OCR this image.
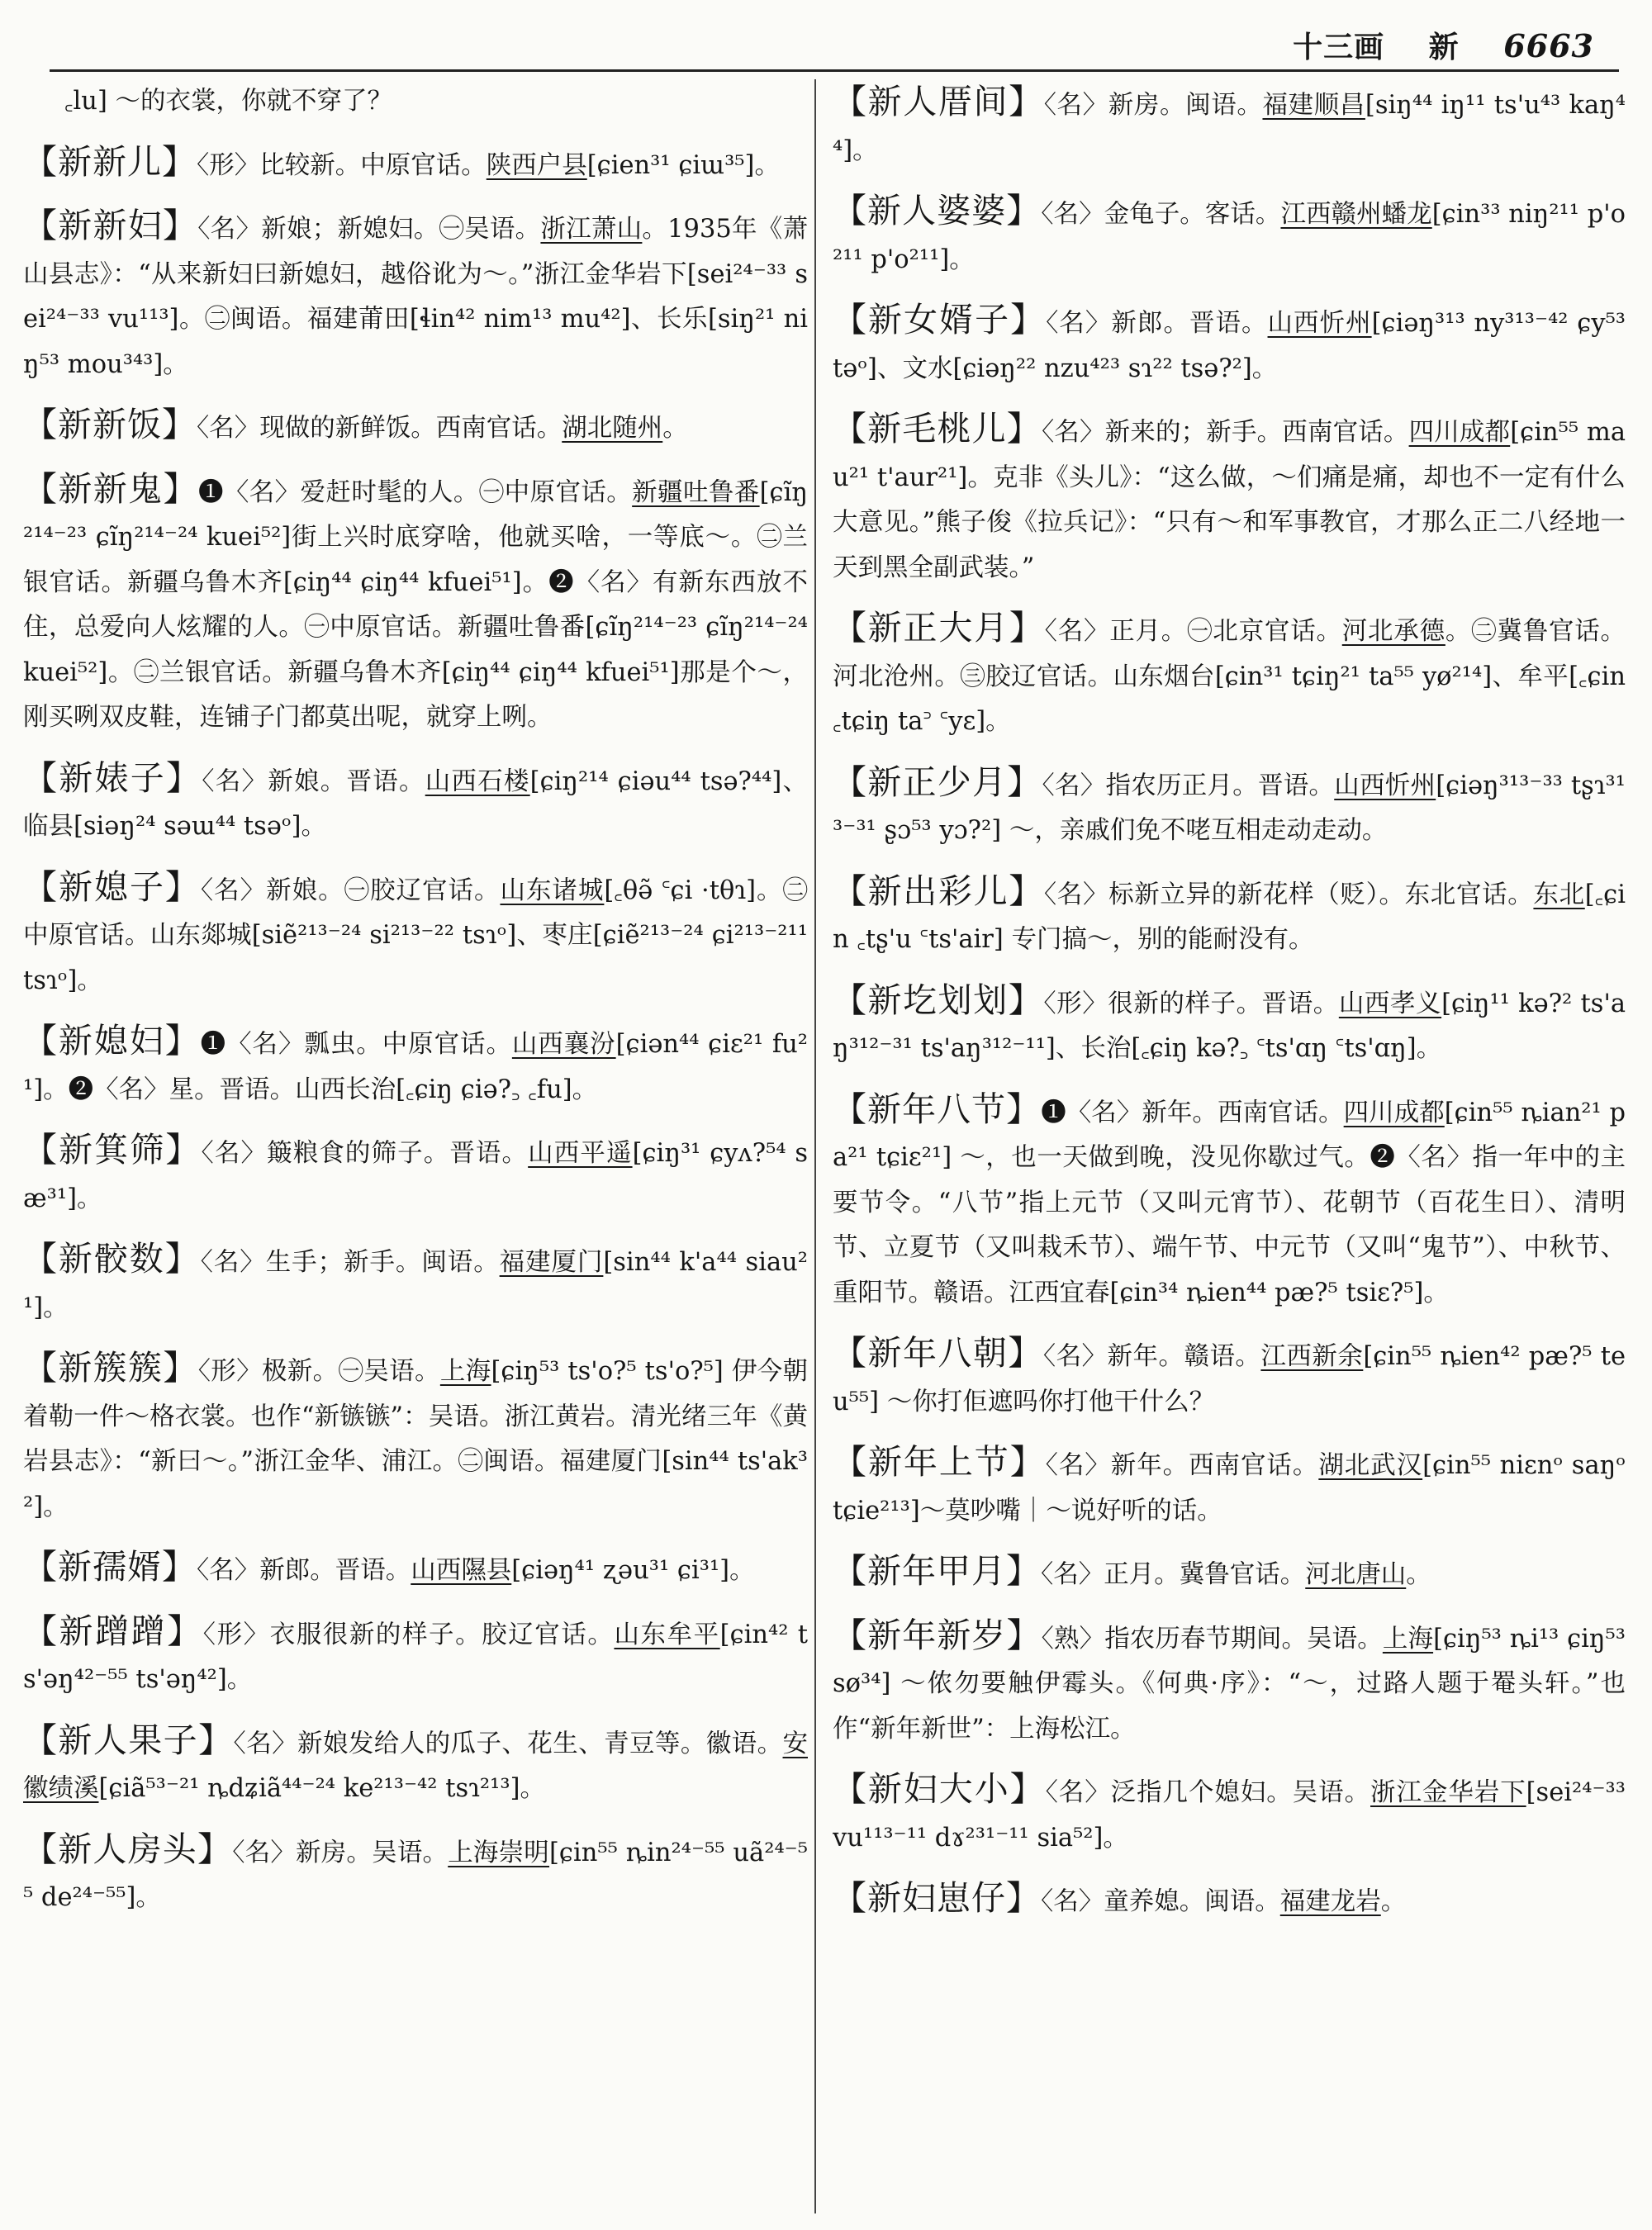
十三画 新 6663

꜀lu] ～的衣裳，你就不穿了？

【新新儿】〈形〉比较新。中原官话。陕西户县[ɕien³¹ ɕiɯ³⁵]。

【新新妇】〈名〉新娘；新媳妇。㊀吴语。浙江萧山。1935年《萧山县志》：“从来新妇曰新媳妇，越俗讹为～。”浙江金华岩下[sei²⁴⁻³³ sei²⁴⁻³³ vu¹¹³]。㊁闽语。福建莆田[ɬin⁴² nim¹³ mu⁴²]、长乐[siŋ²¹ niŋ⁵³ mou³⁴³]。

【新新饭】〈名〉现做的新鲜饭。西南官话。湖北随州。

【新新鬼】❶〈名〉爱赶时髦的人。㊀中原官话。新疆吐鲁番[ɕĩŋ²¹⁴⁻²³ ɕĩŋ²¹⁴⁻²⁴ kuei⁵²]街上兴时底穿啥，他就买啥，一等底～。㊁兰银官话。新疆乌鲁木齐[ɕiŋ⁴⁴ ɕiŋ⁴⁴ kfuei⁵¹]。❷〈名〉有新东西放不住，总爱向人炫耀的人。㊀中原官话。新疆吐鲁番[ɕĩŋ²¹⁴⁻²³ ɕĩŋ²¹⁴⁻²⁴ kuei⁵²]。㊁兰银官话。新疆乌鲁木齐[ɕiŋ⁴⁴ ɕiŋ⁴⁴ kfuei⁵¹]那是个～，刚买咧双皮鞋，连铺子门都莫出呢，就穿上咧。

【新婊子】〈名〉新娘。晋语。山西石楼[ɕiŋ²¹⁴ ɕiəu⁴⁴ tsə?⁴⁴]、临县[siəŋ²⁴ səɯ⁴⁴ tsəᵒ]。

【新媳子】〈名〉新娘。㊀胶辽官话。山东诸城[꜀θə̃ ꜂ɕi ·tθɿ]。㊁中原官话。山东郯城[siẽ²¹³⁻²⁴ si²¹³⁻²² tsɿᵒ]、枣庄[ɕiẽ²¹³⁻²⁴ ɕi²¹³⁻²¹¹ tsɿᵒ]。

【新媳妇】❶〈名〉瓢虫。中原官话。山西襄汾[ɕiən⁴⁴ ɕiɛ²¹ fu²¹]。❷〈名〉星。晋语。山西长治[꜀ɕiŋ ɕiə?꜆ ꜀fu]。

【新箕筛】〈名〉簸粮食的筛子。晋语。山西平遥[ɕiŋ³¹ ɕyʌ?⁵⁴ sæ³¹]。

【新骹数】〈名〉生手；新手。闽语。福建厦门[sin⁴⁴ k'a⁴⁴ siau²¹]。

【新簇簇】〈形〉极新。㊀吴语。上海[ɕiŋ⁵³ ts'o?⁵ ts'o?⁵] 伊今朝着勒一件～格衣裳。也作“新镞镞”：吴语。浙江黄岩。清光绪三年《黄岩县志》：“新曰～。”浙江金华、浦江。㊁闽语。福建厦门[sin⁴⁴ ts'ak³²]。

【新孺婿】〈名〉新郎。晋语。山西隰县[ɕiəŋ⁴¹ ʐəu³¹ ɕi³¹]。

【新蹭蹭】〈形〉衣服很新的样子。胶辽官话。山东牟平[ɕin⁴² ts'əŋ⁴²⁻⁵⁵ ts'əŋ⁴²]。

【新人果子】〈名〉新娘发给人的瓜子、花生、青豆等。徽语。安徽绩溪[ɕiã⁵³⁻²¹ ȵdʑiã⁴⁴⁻²⁴ ke²¹³⁻⁴² tsɿ²¹³]。

【新人房头】〈名〉新房。吴语。上海崇明[ɕin⁵⁵ ȵin²⁴⁻⁵⁵ uã²⁴⁻⁵⁵ de²⁴⁻⁵⁵]。

【新人厝间】〈名〉新房。闽语。福建顺昌[siŋ⁴⁴ iŋ¹¹ ts'u⁴³ kaŋ⁴⁴]。

【新人婆婆】〈名〉金龟子。客话。江西赣州蟠龙[ɕin³³ niŋ²¹¹ p'o²¹¹ p'o²¹¹]。

【新女婿子】〈名〉新郎。晋语。山西忻州[ɕiəŋ³¹³ ny³¹³⁻⁴² ɕy⁵³ təᵒ]、文水[ɕiəŋ²² nzu⁴²³ sɿ²² tsə?²]。

【新毛桃儿】〈名〉新来的；新手。西南官话。四川成都[ɕin⁵⁵ mau²¹ t'aur²¹]。克非《头儿》：“这么做，～们痛是痛，却也不一定有什么大意见。”熊子俊《拉兵记》：“只有～和军事教官，才那么正二八经地一天到黑全副武装。”

【新正大月】〈名〉正月。㊀北京官话。河北承德。㊁冀鲁官话。河北沧州。㊂胶辽官话。山东烟台[ɕin³¹ tɕiŋ²¹ ta⁵⁵ yø²¹⁴]、牟平[꜀ɕin ꜀tɕiŋ ta꜄ ꜂yɛ]。

【新正少月】〈名〉指农历正月。晋语。山西忻州[ɕiəŋ³¹³⁻³³ tʂɿ³¹³⁻³¹ ʂɔ⁵³ yɔ?²] ～，亲戚们免不咾互相走动走动。

【新出彩儿】〈名〉标新立异的新花样（贬）。东北官话。东北[꜀ɕin ꜀tʂ'u ꜂ts'air] 专门搞～，别的能耐没有。

【新圪划划】〈形〉很新的样子。晋语。山西孝义[ɕiŋ¹¹ kə?² ts'aŋ³¹²⁻³¹ ts'aŋ³¹²⁻¹¹]、长治[꜀ɕiŋ kə?꜆ ꜂ts'ɑŋ ꜂ts'ɑŋ]。

【新年八节】❶〈名〉新年。西南官话。四川成都[ɕin⁵⁵ ȵian²¹ pa²¹ tɕiɛ²¹] ～，也一天做到晚，没见你歇过气。❷〈名〉指一年中的主要节令。“八节”指上元节（又叫元宵节）、花朝节（百花生日）、清明节、立夏节（又叫栽禾节）、端午节、中元节（又叫“鬼节”）、中秋节、重阳节。赣语。江西宜春[ɕin³⁴ ȵien⁴⁴ pæ?⁵ tsiɛ?⁵]。

【新年八朝】〈名〉新年。赣语。江西新余[ɕin⁵⁵ ȵien⁴² pæ?⁵ teu⁵⁵] ～你打佢遮吗你打他干什么？

【新年上节】〈名〉新年。西南官话。湖北武汉[ɕin⁵⁵ niɛnᵒ saŋᵒ tɕie²¹³]～莫吵嘴｜～说好听的话。

【新年甲月】〈名〉正月。冀鲁官话。河北唐山。

【新年新岁】〈熟〉指农历春节期间。吴语。上海[ɕiŋ⁵³ ȵi¹³ ɕiŋ⁵³ sø³⁴] ～侬勿要触伊霉头。《何典·序》：“～，过路人题于罨头轩。”也作“新年新世”：上海松江。

【新妇大小】〈名〉泛指几个媳妇。吴语。浙江金华岩下[sei²⁴⁻³³ vu¹¹³⁻¹¹ dɤ²³¹⁻¹¹ sia⁵²]。

【新妇崽仔】〈名〉童养媳。闽语。福建龙岩。
